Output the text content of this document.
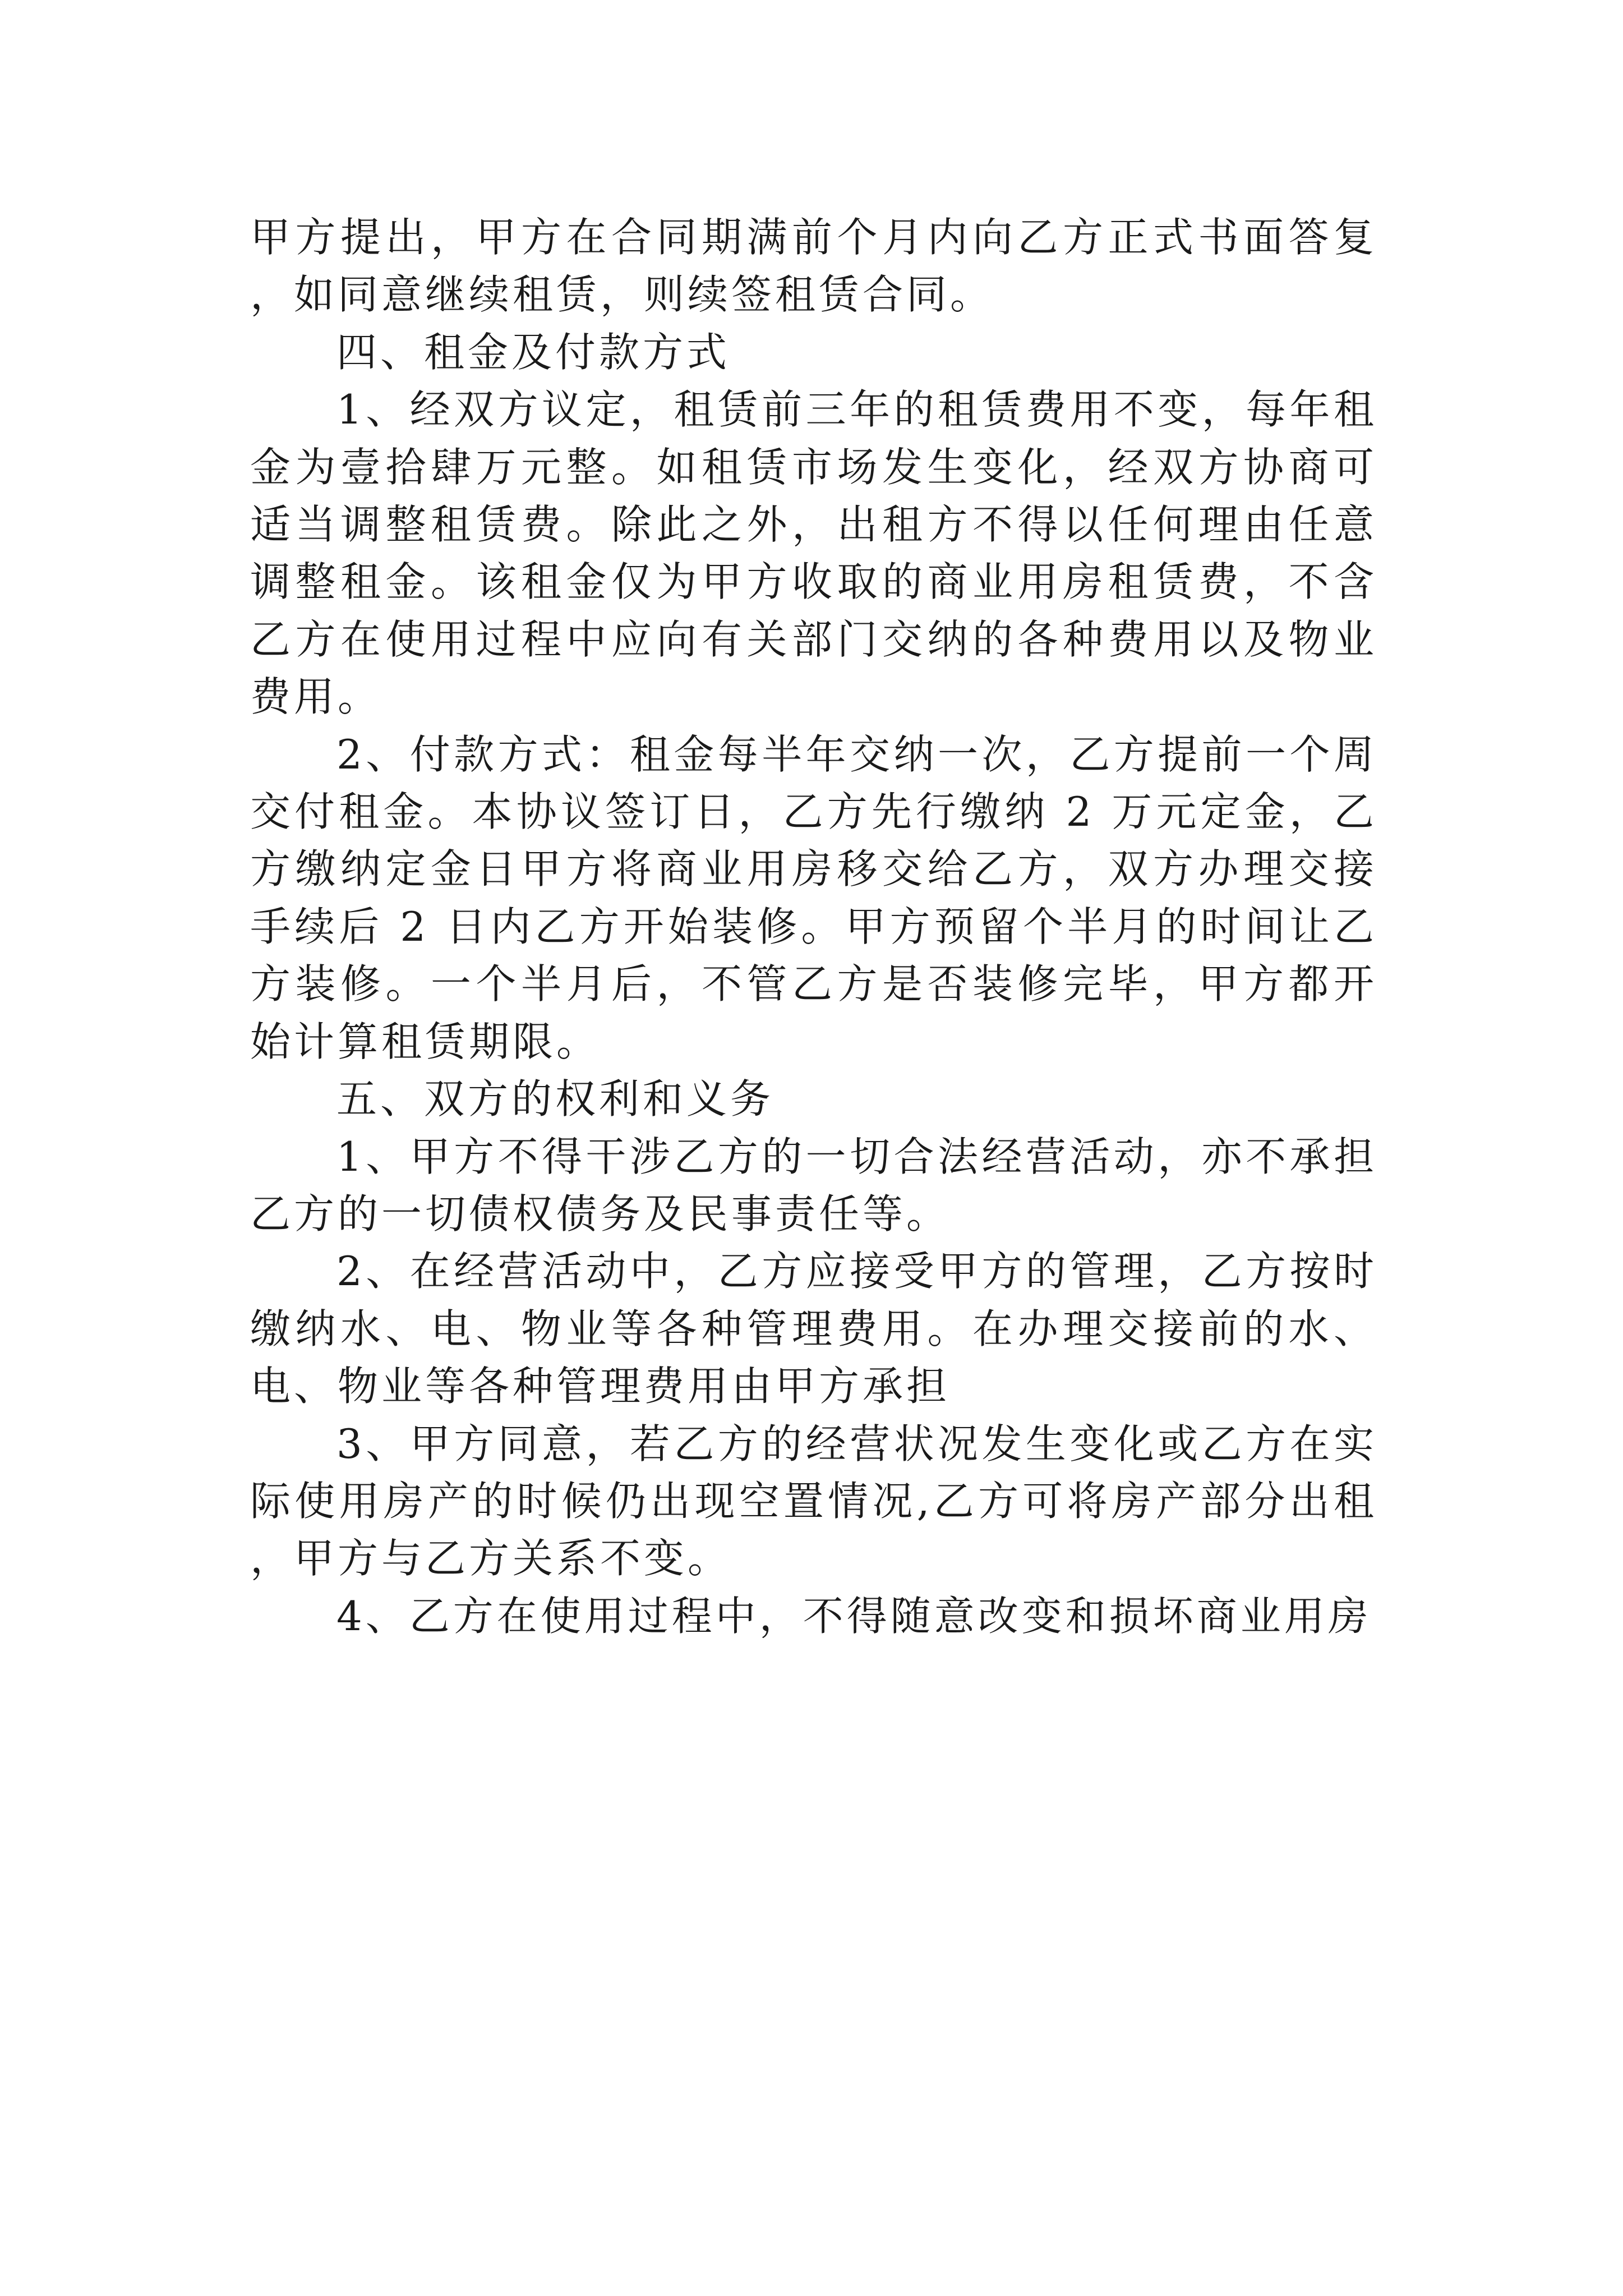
甲方提出，甲方在合同期满前个月内向乙方正式书面答复，如同意继续租赁，则续签租赁合同。

四、租金及付款方式

1、经双方议定，租赁前三年的租赁费用不变，每年租金为壹拾肆万元整。如租赁市场发生变化，经双方协商可适当调整租赁费。除此之外，出租方不得以任何理由任意调整租金。该租金仅为甲方收取的商业用房租赁费，不含乙方在使用过程中应向有关部门交纳的各种费用以及物业费用。

2、付款方式：租金每半年交纳一次，乙方提前一个周交付租金。本协议签订日，乙方先行缴纳 2 万元定金，乙方缴纳定金日甲方将商业用房移交给乙方，双方办理交接手续后 2 日内乙方开始装修。甲方预留个半月的时间让乙方装修。一个半月后，不管乙方是否装修完毕，甲方都开始计算租赁期限。

五、双方的权利和义务

1、甲方不得干涉乙方的一切合法经营活动，亦不承担乙方的一切债权债务及民事责任等。

2、在经营活动中，乙方应接受甲方的管理，乙方按时缴纳水、电、物业等各种管理费用。在办理交接前的水、电、物业等各种管理费用由甲方承担

3、甲方同意，若乙方的经营状况发生变化或乙方在实际使用房产的时候仍出现空置情况,乙方可将房产部分出租，甲方与乙方关系不变。

4、乙方在使用过程中，不得随意改变和损坏商业用房
